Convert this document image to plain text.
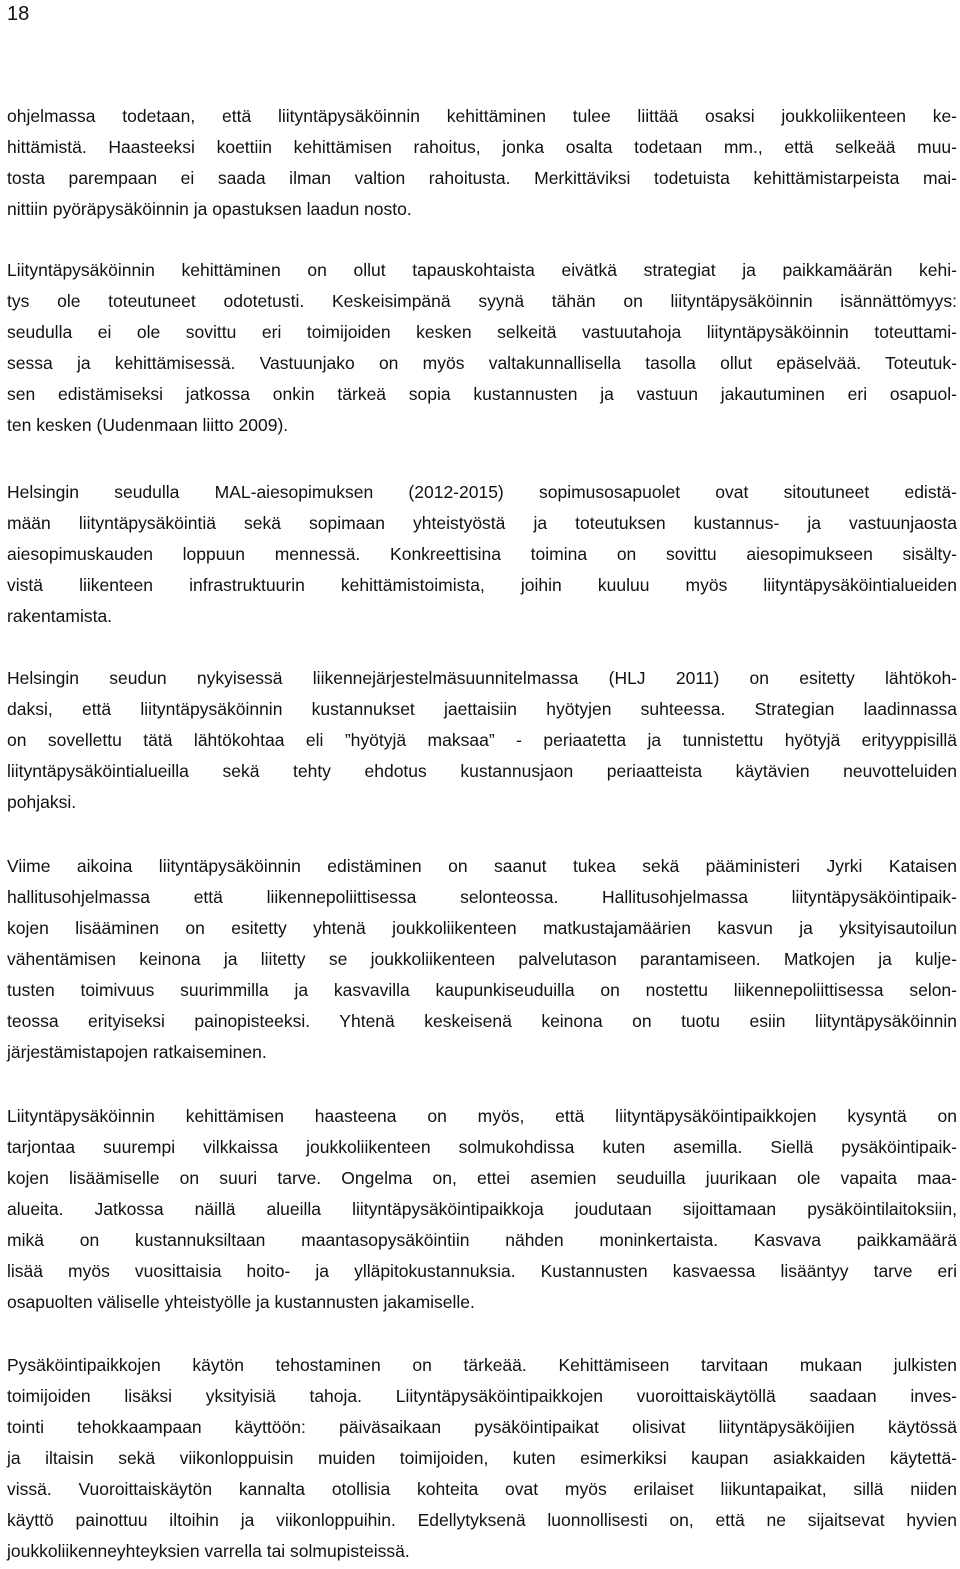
18
ohjelmassa todetaan, että liityntäpysäköinnin kehittäminen tulee liittää osaksi joukkoliikenteen ke-
hittämistä. Haasteeksi koettiin kehittämisen rahoitus, jonka osalta todetaan mm., että selkeää muu-
tosta parempaan ei saada ilman valtion rahoitusta. Merkittäviksi todetuista kehittämistarpeista mai-
nittiin pyöräpysäköinnin ja opastuksen laadun nosto.
Liityntäpysäköinnin kehittäminen on ollut tapauskohtaista eivätkä strategiat ja paikkamäärän kehi-
tys ole toteutuneet odotetusti. Keskeisimpänä syynä tähän on liityntäpysäköinnin isännättömyys:
seudulla ei ole sovittu eri toimijoiden kesken selkeitä vastuutahoja liityntäpysäköinnin toteuttami-
sessa ja kehittämisessä. Vastuunjako on myös valtakunnallisella tasolla ollut epäselvää. Toteutuk-
sen edistämiseksi jatkossa onkin tärkeä sopia kustannusten ja vastuun jakautuminen eri osapuol-
ten kesken (Uudenmaan liitto 2009).
Helsingin seudulla MAL-aiesopimuksen (2012-2015) sopimusosapuolet ovat sitoutuneet edistä-
mään liityntäpysäköintiä sekä sopimaan yhteistyöstä ja toteutuksen kustannus- ja vastuunjaosta
aiesopimuskauden loppuun mennessä. Konkreettisina toimina on sovittu aiesopimukseen sisälty-
vistä liikenteen infrastruktuurin kehittämistoimista, joihin kuuluu myös liityntäpysäköintialueiden
rakentamista.
Helsingin seudun nykyisessä liikennejärjestelmäsuunnitelmassa (HLJ 2011) on esitetty lähtökoh-
daksi, että liityntäpysäköinnin kustannukset jaettaisiin hyötyjen suhteessa. Strategian laadinnassa
on sovellettu tätä lähtökohtaa eli ”hyötyjä maksaa” - periaatetta ja tunnistettu hyötyjä erityyppisillä
liityntäpysäköintialueilla sekä tehty ehdotus kustannusjaon periaatteista käytävien neuvotteluiden
pohjaksi.
Viime aikoina liityntäpysäköinnin edistäminen on saanut tukea sekä pääministeri Jyrki Kataisen
hallitusohjelmassa että liikennepoliittisessa selonteossa. Hallitusohjelmassa liityntäpysäköintipaik-
kojen lisääminen on esitetty yhtenä joukkoliikenteen matkustajamäärien kasvun ja yksityisautoilun
vähentämisen keinona ja liitetty se joukkoliikenteen palvelutason parantamiseen. Matkojen ja kulje-
tusten toimivuus suurimmilla ja kasvavilla kaupunkiseuduilla on nostettu liikennepoliittisessa selon-
teossa erityiseksi painopisteeksi. Yhtenä keskeisenä keinona on tuotu esiin liityntäpysäköinnin
järjestämistapojen ratkaiseminen.
Liityntäpysäköinnin kehittämisen haasteena on myös, että liityntäpysäköintipaikkojen kysyntä on
tarjontaa suurempi vilkkaissa joukkoliikenteen solmukohdissa kuten asemilla. Siellä pysäköintipaik-
kojen lisäämiselle on suuri tarve. Ongelma on, ettei asemien seuduilla juurikaan ole vapaita maa-
alueita. Jatkossa näillä alueilla liityntäpysäköintipaikkoja joudutaan sijoittamaan pysäköintilaitoksiin,
mikä on kustannuksiltaan maantasopysäköintiin nähden moninkertaista. Kasvava paikkamäärä
lisää myös vuosittaisia hoito- ja ylläpitokustannuksia. Kustannusten kasvaessa lisääntyy tarve eri
osapuolten väliselle yhteistyölle ja kustannusten jakamiselle.
Pysäköintipaikkojen käytön tehostaminen on tärkeää. Kehittämiseen tarvitaan mukaan julkisten
toimijoiden lisäksi yksityisiä tahoja. Liityntäpysäköintipaikkojen vuoroittaiskäytöllä saadaan inves-
tointi tehokkaampaan käyttöön: päiväsaikaan pysäköintipaikat olisivat liityntäpysäköijien käytössä
ja iltaisin sekä viikonloppuisin muiden toimijoiden, kuten esimerkiksi kaupan asiakkaiden käytettä-
vissä. Vuoroittaiskäytön kannalta otollisia kohteita ovat myös erilaiset liikuntapaikat, sillä niiden
käyttö painottuu iltoihin ja viikonloppuihin. Edellytyksenä luonnollisesti on, että ne sijaitsevat hyvien
joukkoliikenneyhteyksien varrella tai solmupisteissä.
